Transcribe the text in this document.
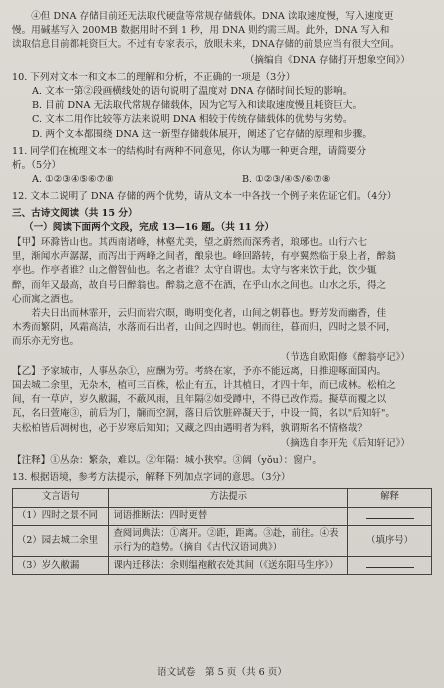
④但 DNA 存储目前还无法取代硬盘等常规存储载体。DNA 读取速度慢，写入速度更

慢。用碱基写入 200MB 数据用时不到 1 秒，用 DNA 则约需三周。此外，DNA 写入和

读取信息目前都耗资巨大。不过有专家表示，放眼未来，DNA存储的前景应当有很大空间。

（摘编自《DNA 存储打开想象空间》）

10. 下列对文本一和文本二的理解和分析，不正确的一项是（3分）

A. 文本一第②段画横线处的语句说明了温度对 DNA 存储时间长短的影响。

B. 目前 DNA 无法取代常规存储载体，因为它写入和读取速度慢且耗资巨大。

C. 文本二用作比较等方法来说明 DNA 相较于传统存储载体的优势与劣势。

D. 两个文本都围绕 DNA 这一新型存储载体展开，阐述了它存储的原理和步骤。

11. 同学们在梳理文本一的结构时有两种不同意见，你认为哪一种更合理，请简要分

析。（5分）

A. ①②③④⑤⑥⑦⑧	B. ①②③/④⑤/⑥⑦⑧

12. 文本二说明了 DNA 存储的两个优势，请从文本一中各找一个例子来佐证它们。（4分）

三、古诗文阅读（共 15 分）

（一）阅读下面两个文段，完成 13—16 题。（共 11 分）

【甲】环滁皆山也。其西南诸峰，林壑尤美，望之蔚然而深秀者，琅琊也。山行六七

里，渐闻水声潺潺，而泻出于两峰之间者，酿泉也。峰回路转，有亭翼然临于泉上者，醉翁

亭也。作亭者谁？山之僧智仙也。名之者谁？太守自谓也。太守与客来饮于此，饮少辄

醉，而年又最高，故自号曰醉翁也。醉翁之意不在酒，在乎山水之间也。山水之乐，得之

心而寓之酒也。

若夫日出而林霏开，云归而岩穴暝，晦明变化者，山间之朝暮也。野芳发而幽香，佳

木秀而繁阴，风霜高洁，水落而石出者，山间之四时也。朝而往，暮而归，四时之景不同，

而乐亦无穷也。

（节选自欧阳修《醉翁亭记》）

【乙】予家城市，人事丛杂①，应酬为劳。考終在家，予亦不能远离，日推迎啄面国内。

国去城二余里，无杂木，植可三百株，松止有五，计其植日，才四十年，而已成林。松柏之

间，有一草庐，岁久敝漏，不蔽风雨，且年隔②如受蹲中，不得已改作焉。擬草而覆之以

瓦，名曰萱庵③，前后为门，牖而空洞，落日后饮脏碎凝天于，中设一简，名以"后知轩"。

夫松柏皆后凋树也，必于岁寒后知知；又藏之四由遇明者为料，孰谓斯名不情格哉？

（摘选自李开先《后知轩记》）

【注释】①丛杂：繁杂，难以。②年隔：城小狭窄。③阔（yǒu）：窗户。

13. 根据语境，参考方法提示，解释下列加点字词的意思。（3分）

文言语句	方法提示	解释
（1）四时之景不同	词语推断法：四时更替	
（2）园去城二余里	查阅词典法：①离开。②距，距离。③赴，前往。④表示行为的趋势。（摘自《古代汉语词典》）	（填序号）
（3）岁久敝漏	课内迁移法：余则缊袍敝衣处其间（《送东阳马生序》）	
语文试卷　第 5 页（共 6 页）
